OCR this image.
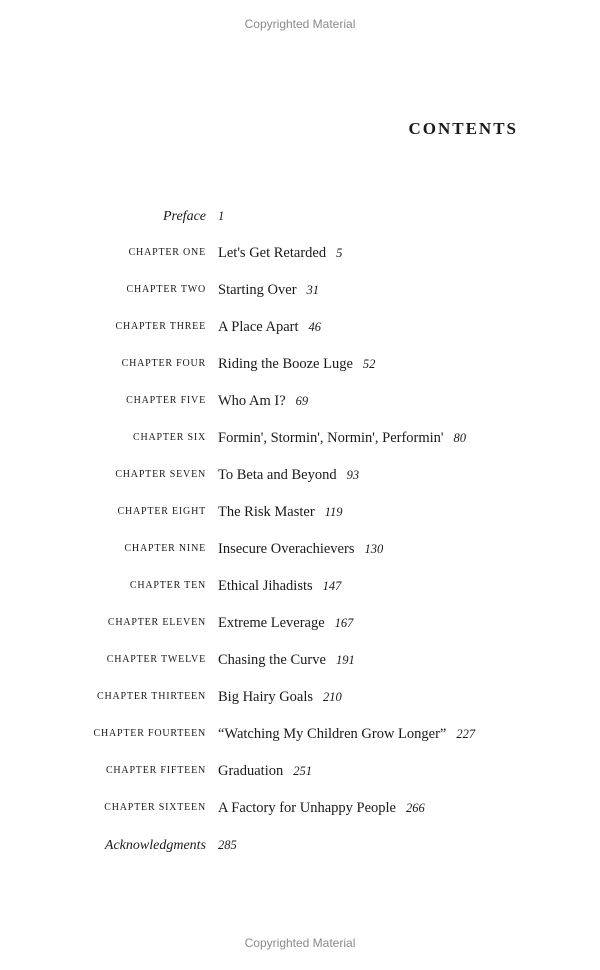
Copyrighted Material
CONTENTS
Preface 1
CHAPTER ONE Let's Get Retarded 5
CHAPTER TWO Starting Over 31
CHAPTER THREE A Place Apart 46
CHAPTER FOUR Riding the Booze Luge 52
CHAPTER FIVE Who Am I? 69
CHAPTER SIX Formin', Stormin', Normin', Performin' 80
CHAPTER SEVEN To Beta and Beyond 93
CHAPTER EIGHT The Risk Master 119
CHAPTER NINE Insecure Overachievers 130
CHAPTER TEN Ethical Jihadists 147
CHAPTER ELEVEN Extreme Leverage 167
CHAPTER TWELVE Chasing the Curve 191
CHAPTER THIRTEEN Big Hairy Goals 210
CHAPTER FOURTEEN “Watching My Children Grow Longer” 227
CHAPTER FIFTEEN Graduation 251
CHAPTER SIXTEEN A Factory for Unhappy People 266
Acknowledgments 285
Copyrighted Material
